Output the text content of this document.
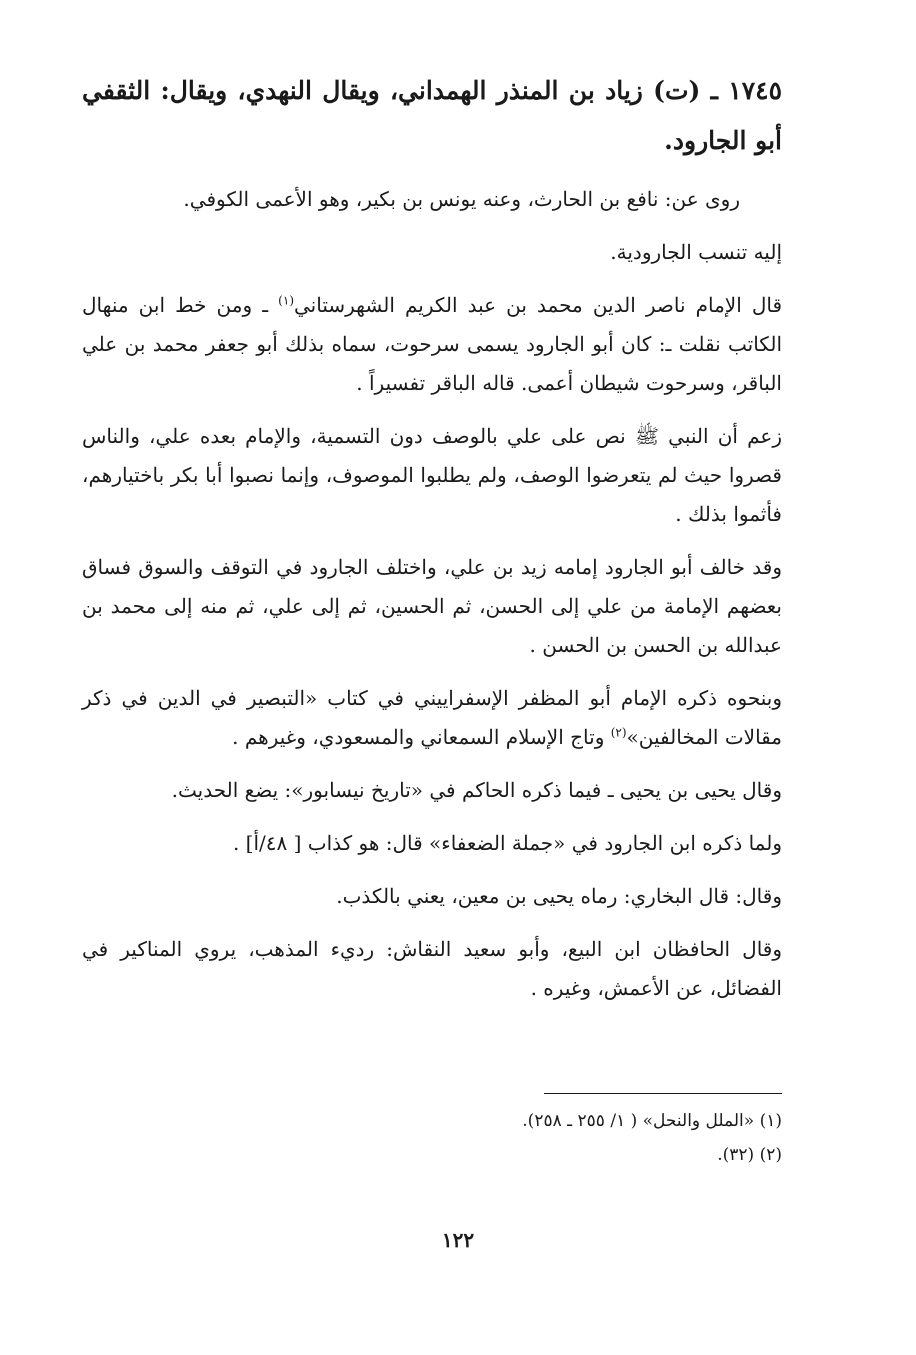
١٧٤٥ ـ (ت) زياد بن المنذر الهمداني، ويقال النهدي، ويقال: الثقفي أبو الجارود.

روى عن: نافع بن الحارث، وعنه يونس بن بكير، وهو الأعمى الكوفي.

إليه تنسب الجارودية.

قال الإمام ناصر الدين محمد بن عبد الكريم الشهرستاني$^{(١)}$ ـ ومن خط ابن منهال الكاتب نقلت ـ: كان أبو الجارود يسمى سرحوت، سماه بذلك أبو جعفر محمد بن علي الباقر، وسرحوت شيطان أعمى. قاله الباقر تفسيراً .

زعم أن النبي ﷺ نص على علي بالوصف دون التسمية، والإمام بعده علي، والناس قصروا حيث لم يتعرضوا الوصف، ولم يطلبوا الموصوف، وإنما نصبوا أبا بكر باختيارهم، فأثموا بذلك .

وقد خالف أبو الجارود إمامه زيد بن علي، واختلف الجارود في التوقف والسوق فساق بعضهم الإمامة من علي إلى الحسن، ثم الحسين، ثم إلى علي، ثم منه إلى محمد بن عبدالله بن الحسن بن الحسن .

وبنحوه ذكره الإمام أبو المظفر الإسفراييني في كتاب «التبصير في الدين في ذكر مقالات المخالفين»$^{(٢)}$ وتاج الإسلام السمعاني والمسعودي، وغيرهم .

وقال يحيى بن يحيى ـ فيما ذكره الحاكم في «تاريخ نيسابور»: يضع الحديث.

ولما ذكره ابن الجارود في «جملة الضعفاء» قال: هو كذاب [ ٤٨/أ] .

وقال: قال البخاري: رماه يحيى بن معين، يعني بالكذب.

وقال الحافظان ابن البيع، وأبو سعيد النقاش: رديء المذهب، يروي المناكير في الفضائل، عن الأعمش، وغيره .

(١) «الملل والنحل» ( ١/ ٢٥٥ ـ ٢٥٨).
(٢) (٣٢).
١٢٢
